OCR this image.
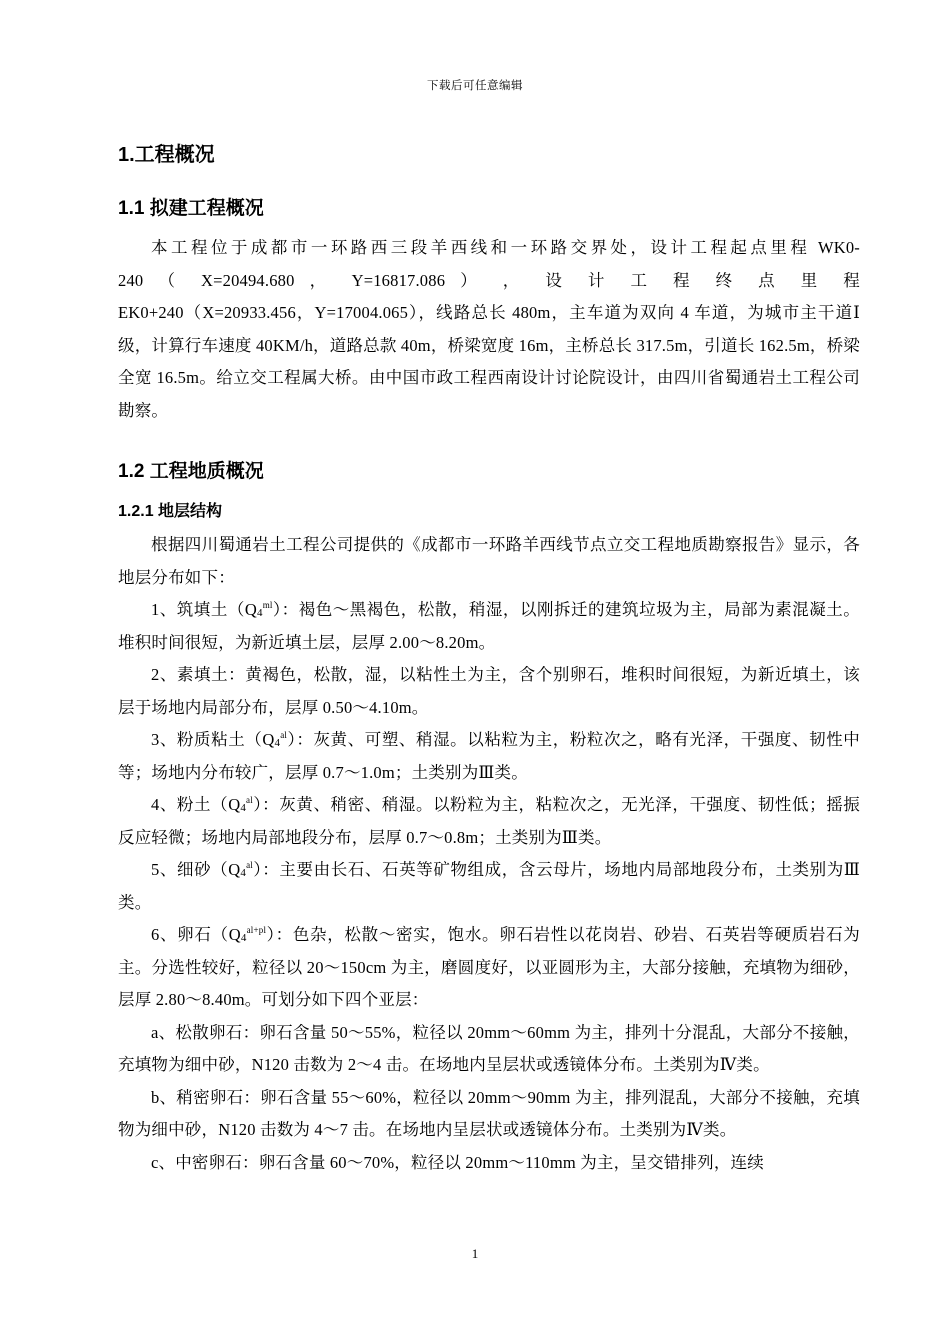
下载后可任意编辑
1.工程概况
1.1 拟建工程概况

本工程位于成都市一环路西三段羊西线和一环路交界处，设计工程起点里程 WK0-

240 （ X=20494.680 ， Y=16817.086 ） ， 设 计 工 程 终 点 里 程

EK0+240（X=20933.456，Y=17004.065），线路总长 480m，主车道为双向 4 车道，为城市主干道Ⅰ级，计算行车速度 40KM/h，道路总款 40m，桥梁宽度 16m，主桥总长 317.5m，引道长 162.5m，桥梁全宽 16.5m。给立交工程属大桥。由中国市政工程西南设计讨论院设计，由四川省蜀通岩土工程公司勘察。

1.2 工程地质概况
1.2.1 地层结构

根据四川蜀通岩土工程公司提供的《成都市一环路羊西线节点立交工程地质勘察报告》显示，各地层分布如下：

1、筑填土$(Q_4^{ml})$：褐色～黑褐色，松散，稍湿，以刚拆迁的建筑垃圾为主，局部为素混凝土。堆积时间很短，为新近填土层，层厚 2.00～8.20m。

2、素填土：黄褐色，松散，湿，以粘性土为主，含个别卵石，堆积时间很短，为新近填土，该层于场地内局部分布，层厚 0.50～4.10m。

3、粉质粘土$(Q_4^{al})$：灰黄、可塑、稍湿。以粘粒为主，粉粒次之，略有光泽，干强度、韧性中等；场地内分布较广，层厚 0.7～1.0m；土类别为Ⅲ类。

4、粉土$(Q_4^{al})$：灰黄、稍密、稍湿。以粉粒为主，粘粒次之，无光泽，干强度、韧性低；摇振反应轻微；场地内局部地段分布，层厚 0.7～0.8m；土类别为Ⅲ类。

5、细砂$(Q_4^{al})$：主要由长石、石英等矿物组成，含云母片，场地内局部地段分布，土类别为Ⅲ类。

6、卵石$(Q_4^{al+pl})$：色杂，松散～密实，饱水。卵石岩性以花岗岩、砂岩、石英岩等硬质岩石为主。分选性较好，粒径以 20～150cm 为主，磨圆度好，以亚圆形为主，大部分接触，充填物为细砂，层厚 2.80～8.40m。可划分如下四个亚层：

a、松散卵石：卵石含量 50～55%，粒径以 20mm～60mm 为主，排列十分混乱，大部分不接触，充填物为细中砂，N120 击数为 2～4 击。在场地内呈层状或透镜体分布。土类别为Ⅳ类。

b、稍密卵石：卵石含量 55～60%，粒径以 20mm～90mm 为主，排列混乱，大部分不接触，充填物为细中砂，N120 击数为 4～7 击。在场地内呈层状或透镜体分布。土类别为Ⅳ类。

c、中密卵石：卵石含量 60～70%，粒径以 20mm～110mm 为主，呈交错排列，连续

1
